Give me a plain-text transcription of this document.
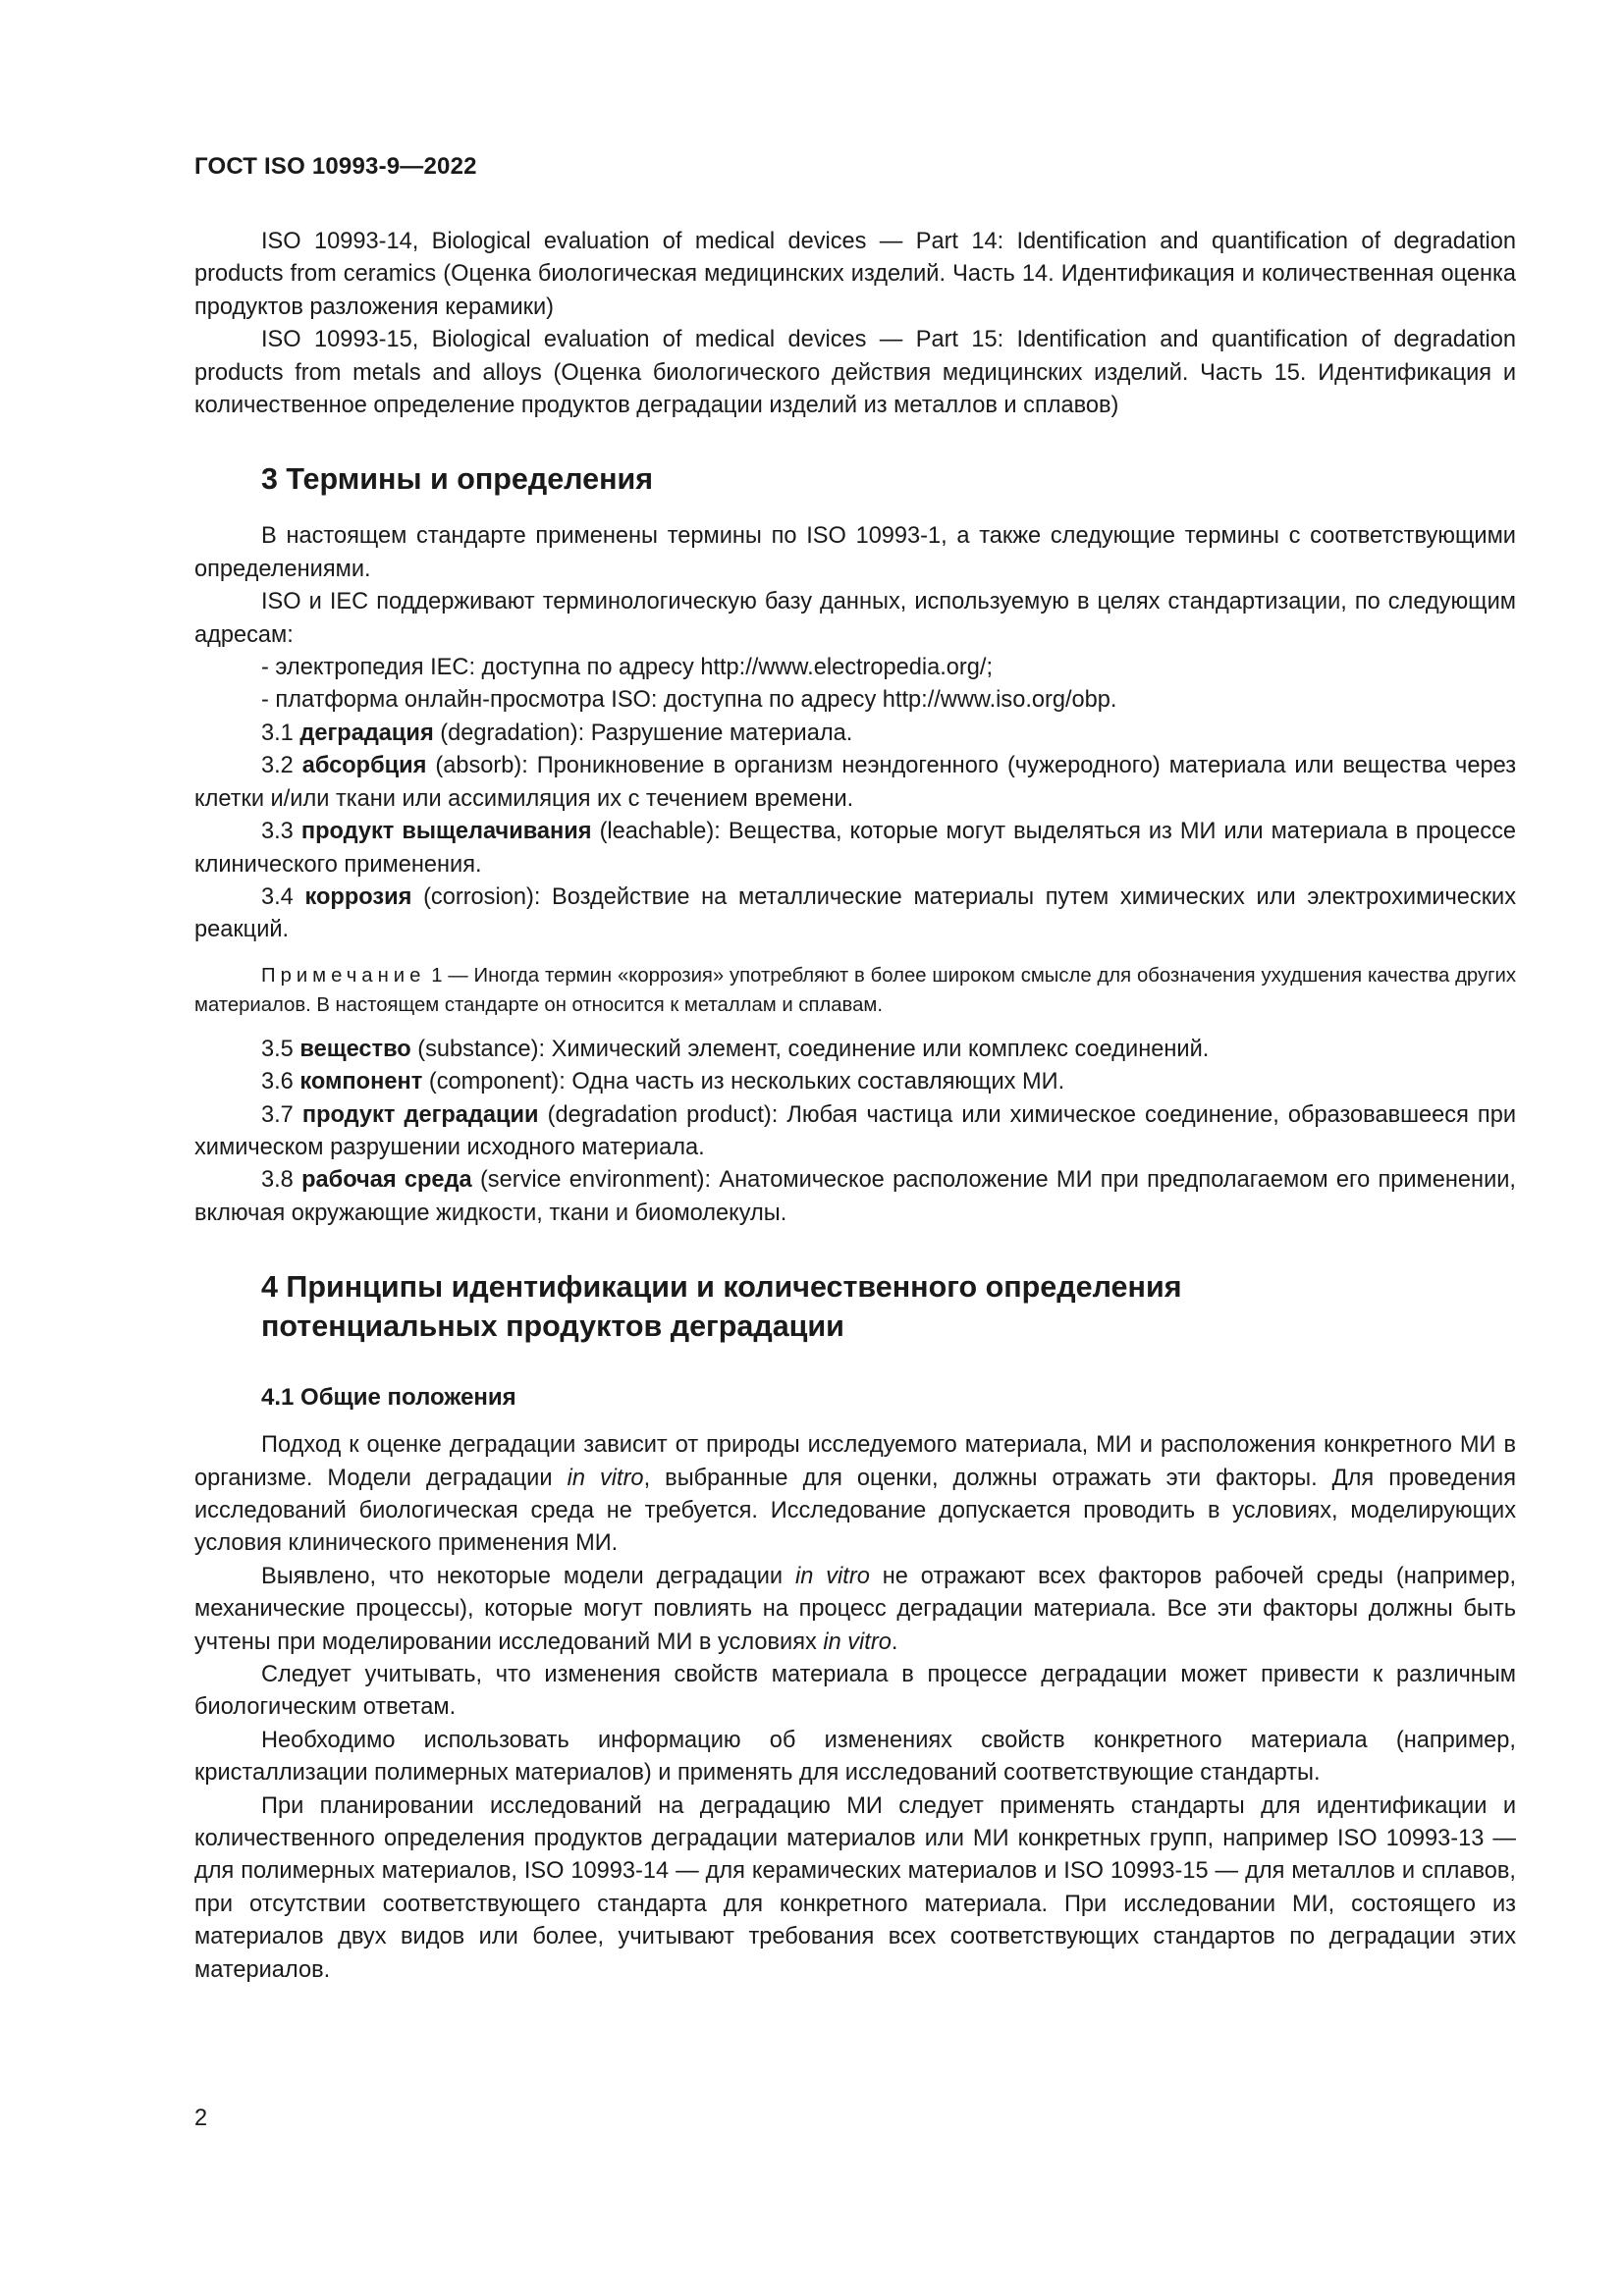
ГОСТ ISO 10993-9—2022

ISO 10993-14, Biological evaluation of medical devices — Part 14: Identification and quantification of degradation products from ceramics (Оценка биологическая медицинских изделий. Часть 14. Идентификация и количественная оценка продуктов разложения керамики)

ISO 10993-15, Biological evaluation of medical devices — Part 15: Identification and quantification of degradation products from metals and alloys (Оценка биологического действия медицинских изделий. Часть 15. Идентификация и количественное определение продуктов деградации изделий из металлов и сплавов)

3 Термины и определения

В настоящем стандарте применены термины по ISO 10993-1, а также следующие термины с соответствующими определениями.

ISO и IEC поддерживают терминологическую базу данных, используемую в целях стандартизации, по следующим адресам:

- электропедия IEC: доступна по адресу http://www.electropedia.org/;

- платформа онлайн-просмотра ISO: доступна по адресу http://www.iso.org/obp.

3.1 деградация (degradation): Разрушение материала.

3.2 абсорбция (absorb): Проникновение в организм неэндогенного (чужеродного) материала или вещества через клетки и/или ткани или ассимиляция их с течением времени.

3.3 продукт выщелачивания (leachable): Вещества, которые могут выделяться из МИ или материала в процессе клинического применения.

3.4 коррозия (corrosion): Воздействие на металлические материалы путем химических или электрохимических реакций.

Примечание 1 — Иногда термин «коррозия» употребляют в более широком смысле для обозначения ухудшения качества других материалов. В настоящем стандарте он относится к металлам и сплавам.

3.5 вещество (substance): Химический элемент, соединение или комплекс соединений.

3.6 компонент (component): Одна часть из нескольких составляющих МИ.

3.7 продукт деградации (degradation product): Любая частица или химическое соединение, образовавшееся при химическом разрушении исходного материала.

3.8 рабочая среда (service environment): Анатомическое расположение МИ при предполагаемом его применении, включая окружающие жидкости, ткани и биомолекулы.

4 Принципы идентификации и количественного определения
потенциальных продуктов деградации
4.1 Общие положения

Подход к оценке деградации зависит от природы исследуемого материала, МИ и расположения конкретного МИ в организме. Модели деградации in vitro, выбранные для оценки, должны отражать эти факторы. Для проведения исследований биологическая среда не требуется. Исследование допускается проводить в условиях, моделирующих условия клинического применения МИ.

Выявлено, что некоторые модели деградации in vitro не отражают всех факторов рабочей среды (например, механические процессы), которые могут повлиять на процесс деградации материала. Все эти факторы должны быть учтены при моделировании исследований МИ в условиях in vitro.

Следует учитывать, что изменения свойств материала в процессе деградации может привести к различным биологическим ответам.

Необходимо использовать информацию об изменениях свойств конкретного материала (например, кристаллизации полимерных материалов) и применять для исследований соответствующие стандарты.

При планировании исследований на деградацию МИ следует применять стандарты для идентификации и количественного определения продуктов деградации материалов или МИ конкретных групп, например ISO 10993-13 — для полимерных материалов, ISO 10993-14 — для керамических материалов и ISO 10993-15 — для металлов и сплавов, при отсутствии соответствующего стандарта для конкретного материала. При исследовании МИ, состоящего из материалов двух видов или более, учитывают требования всех соответствующих стандартов по деградации этих материалов.

2
